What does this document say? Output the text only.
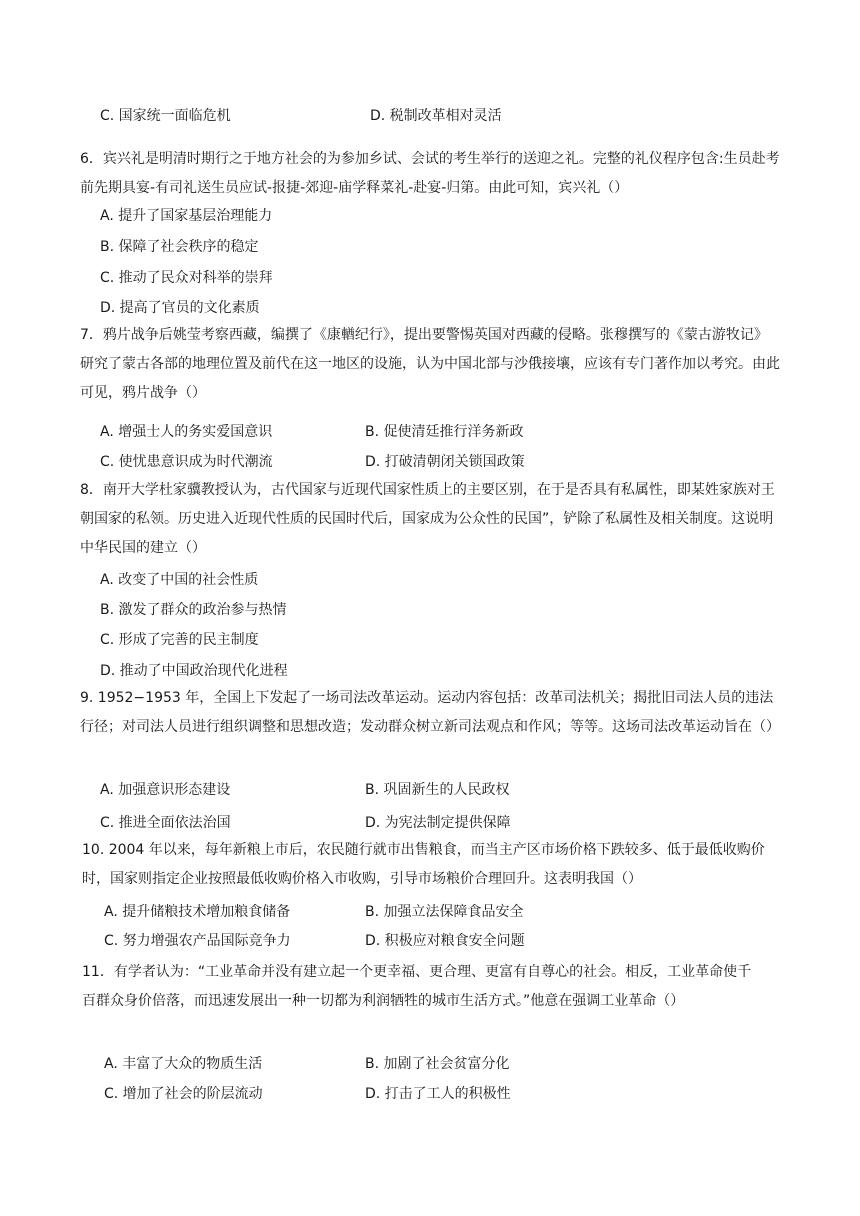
C. 国家统一面临危机	D. 税制改革相对灵活
6．宾兴礼是明清时期行之于地方社会的为参加乡试、会试的考生举行的送迎之礼。完整的礼仪程序包含:生员赴考前先期具宴-有司礼送生员应试-报捷-郊迎-庙学释菜礼-赴宴-归第。由此可知，宾兴礼（）
A. 提升了国家基层治理能力
B. 保障了社会秩序的稳定
C. 推动了民众对科举的崇拜
D. 提高了官员的文化素质
7．鸦片战争后姚莹考察西藏，编撰了《康輶纪行》，提出要警惕英国对西藏的侵略。张穆撰写的《蒙古游牧记》研究了蒙古各部的地理位置及前代在这一地区的设施，认为中国北部与沙俄接壤，应该有专门著作加以考究。由此可见，鸦片战争（）
A. 增强士人的务实爱国意识	B. 促使清廷推行洋务新政
C. 使忧患意识成为时代潮流	D. 打破清朝闭关锁国政策
8．南开大学杜家骥教授认为，古代国家与近现代国家性质上的主要区别，在于是否具有私属性，即某姓家族对王朝国家的私领。历史进入近现代性质的民国时代后，国家成为公众性的民国”，铲除了私属性及相关制度。这说明中华民国的建立（）
A. 改变了中国的社会性质
B. 激发了群众的政治参与热情
C. 形成了完善的民主制度
D. 推动了中国政治现代化进程
9. 1952−1953 年，全国上下发起了一场司法改革运动。运动内容包括：改革司法机关；揭批旧司法人员的违法行径；对司法人员进行组织调整和思想改造；发动群众树立新司法观点和作风；等等。这场司法改革运动旨在（）
A. 加强意识形态建设	B. 巩固新生的人民政权
C. 推进全面依法治国	D. 为宪法制定提供保障
10. 2004 年以来，每年新粮上市后，农民随行就市出售粮食，而当主产区市场价格下跌较多、低于最低收购价时，国家则指定企业按照最低收购价格入市收购，引导市场粮价合理回升。这表明我国（）
A. 提升储粮技术增加粮食储备	B. 加强立法保障食品安全
C. 努力增强农产品国际竞争力	D. 积极应对粮食安全问题
11．有学者认为：“工业革命并没有建立起一个更幸福、更合理、更富有自尊心的社会。相反，工业革命使千百群众身价倍落，而迅速发展出一种一切都为利润牺牲的城市生活方式。”他意在强调工业革命（）
A. 丰富了大众的物质生活	B. 加剧了社会贫富分化
C. 增加了社会的阶层流动	D. 打击了工人的积极性
